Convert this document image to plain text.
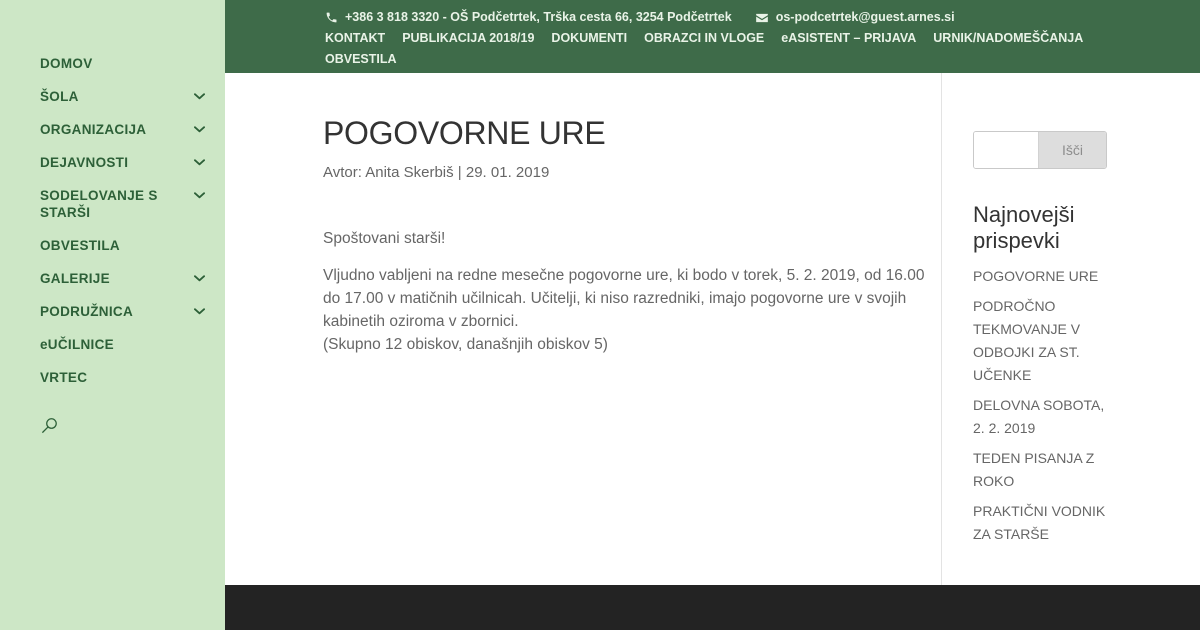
+386 3 818 3320 - OŠ Podčetrtek, Trška cesta 66, 3254 Podčetrtek	os-podcetrtek@guest.arnes.si
KONTAKT PUBLIKACIJA 2018/19 DOKUMENTI OBRAZCI IN VLOGE eASISTENT – PRIJAVA URNIK/NADOMEŠČANJA
OBVESTILA
DOMOV
ŠOLA
ORGANIZACIJA
DEJAVNOSTI
SODELOVANJE S STARŠI
OBVESTILA
GALERIJE
PODRUŽNICA
eUČILNICE
VRTEC
POGOVORNE URE
Avtor: Anita Skerbiš | 29. 01. 2019

Spoštovani starši!

Vljudno vabljeni na redne mesečne pogovorne ure, ki bodo v torek, 5. 2. 2019, od 16.00 do 17.00 v matičnih učilnicah. Učitelji, ki niso razredniki, imajo pogovorne ure v svojih kabinetih oziroma v zbornici.

(Skupno 12 obiskov, današnjih obiskov 5)

Išči
Najnovejši prispevki
POGOVORNE URE
PODROČNO TEKMOVANJE V ODBOJKI ZA ST. UČENKE
DELOVNA SOBOTA, 2. 2. 2019
TEDEN PISANJA Z ROKO
PRAKTIČNI VODNIK ZA STARŠE
